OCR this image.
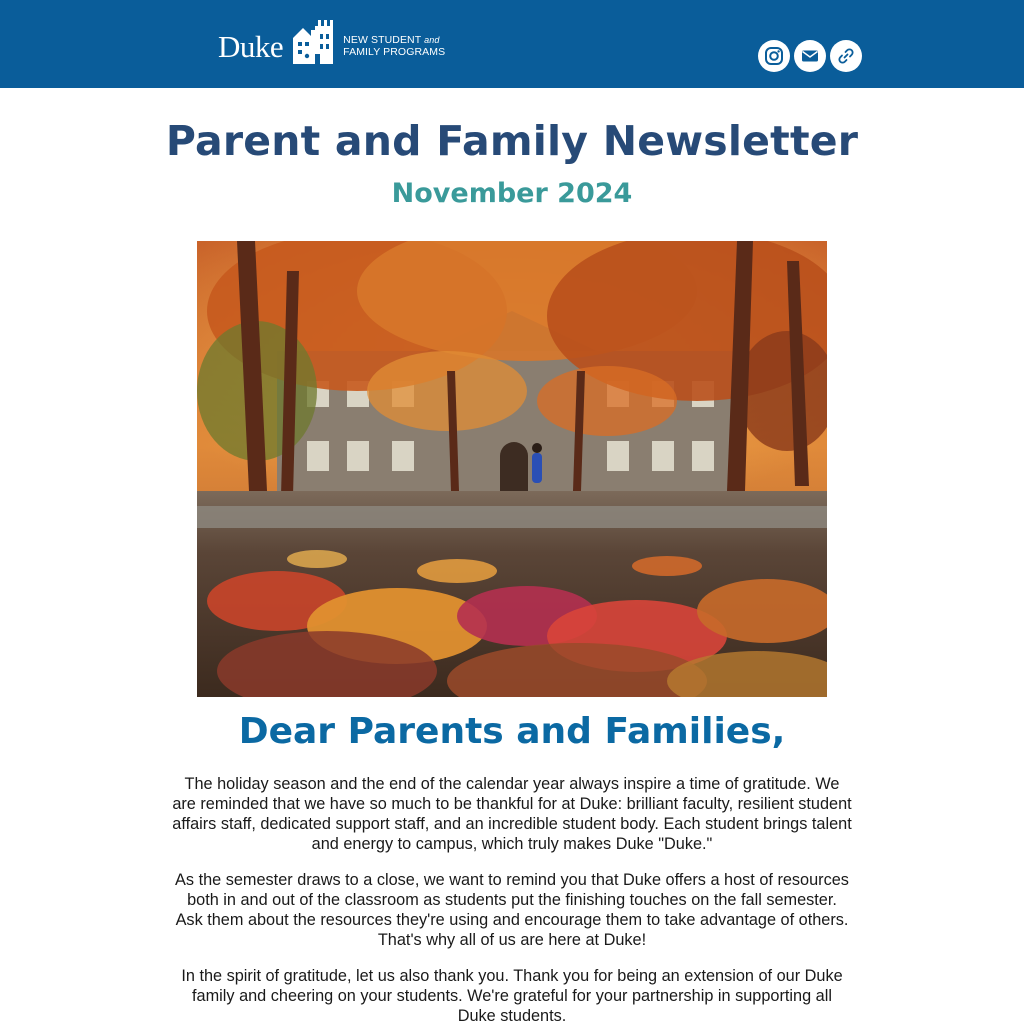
Duke	NEW STUDENT and
FAMILY PROGRAMS
Parent and Family Newsletter
November 2024
Dear Parents and Families,

The holiday season and the end of the calendar year always inspire a time of gratitude. We are reminded that we have so much to be thankful for at Duke: brilliant faculty, resilient student affairs staff, dedicated support staff, and an incredible student body. Each student brings talent and energy to campus, which truly makes Duke "Duke."

As the semester draws to a close, we want to remind you that Duke offers a host of resources both in and out of the classroom as students put the finishing touches on the fall semester. Ask them about the resources they're using and encourage them to take advantage of others. That's why all of us are here at Duke!

In the spirit of gratitude, let us also thank you. Thank you for being an extension of our Duke family and cheering on your students. We're grateful for your partnership in supporting all Duke students.
